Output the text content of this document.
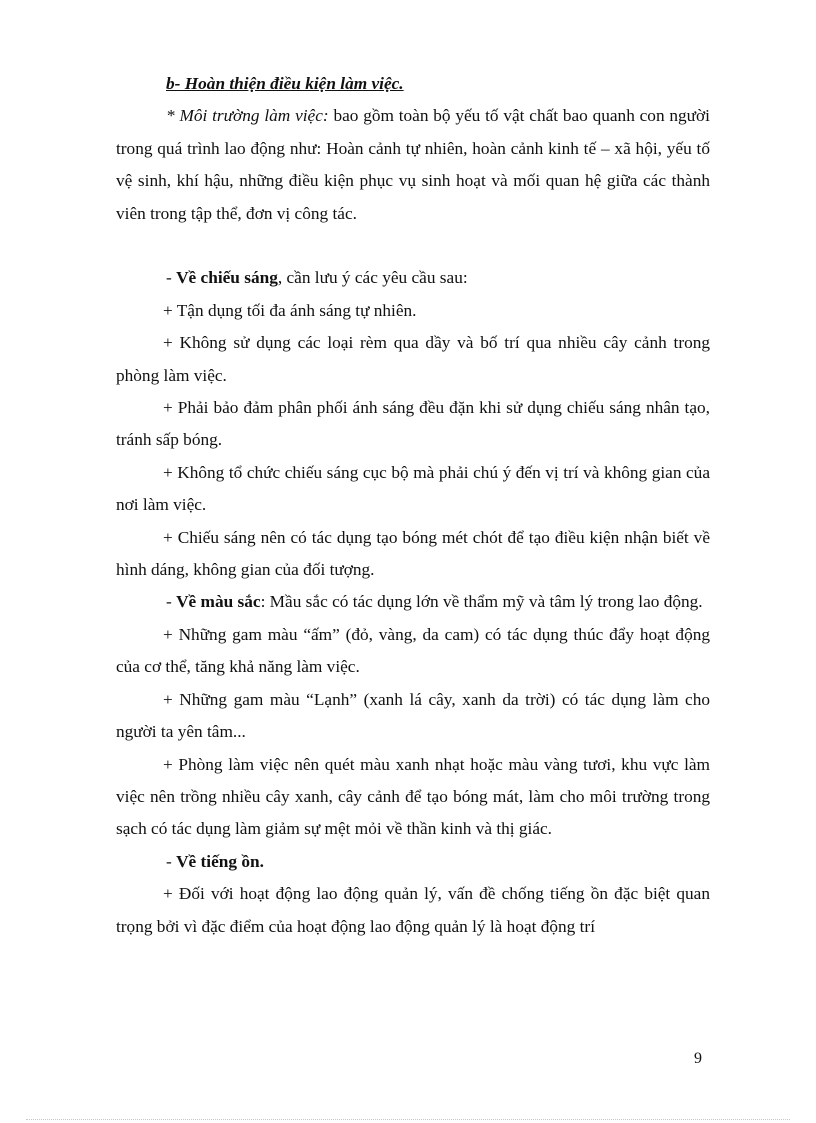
b- Hoàn thiện điều kiện làm việc.

* Môi trường làm việc: bao gồm toàn bộ yếu tố vật chất bao quanh con người trong quá trình lao động như: Hoàn cảnh tự nhiên, hoàn cảnh kinh tế – xã hội, yếu tố vệ sinh, khí hậu, những điều kiện phục vụ sinh hoạt và mối quan hệ giữa các thành viên trong tập thể, đơn vị công tác.

- Về chiếu sáng, cần lưu ý các yêu cầu sau:

+ Tận dụng tối đa ánh sáng tự nhiên.

+ Không sử dụng các loại rèm qua dầy và bố trí qua nhiều cây cảnh trong phòng làm việc.

+ Phải bảo đảm phân phối ánh sáng đều đặn khi sử dụng chiếu sáng nhân tạo, tránh sấp bóng.

+ Không tổ chức chiếu sáng cục bộ mà phải chú ý đến vị trí và không gian của nơi làm việc.

+ Chiếu sáng nên có tác dụng tạo bóng mét chót để tạo điều kiện nhận biết về hình dáng, không gian của đối tượng.

- Về màu sắc: Mầu sắc có tác dụng lớn về thẩm mỹ và tâm lý trong lao động.

+ Những gam màu “ấm” (đỏ, vàng, da cam) có tác dụng thúc đẩy hoạt động của cơ thể, tăng khả năng làm việc.

+ Những gam màu “Lạnh” (xanh lá cây, xanh da trời) có tác dụng làm cho người ta yên tâm...

+ Phòng làm việc nên quét màu xanh nhạt hoặc màu vàng tươi, khu vực làm việc nên trồng nhiều cây xanh, cây cảnh để tạo bóng mát, làm cho môi trường trong sạch có tác dụng làm giảm sự mệt mỏi về thần kinh và thị giác.

- Về tiếng ồn.

+ Đối với hoạt động lao động quản lý, vấn đề chống tiếng ồn đặc biệt quan trọng bởi vì đặc điểm của hoạt động lao động quản lý là hoạt động trí

9
